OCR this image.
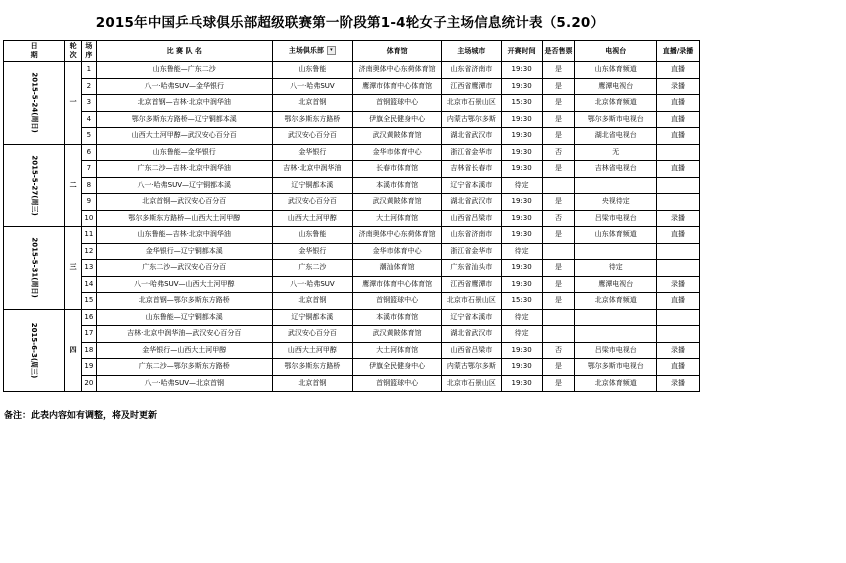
2015年中国乒乓球俱乐部超级联赛第一阶段第1-4轮女子主场信息统计表（5.20）
日期	轮次	场序	比 赛 队 名	主场俱乐部 ▾	体育馆	主场城市	开赛时间	是否售票	电视台	直播/录播
2015-5-24(周日)	一	1	山东鲁能—广东二沙	山东鲁能	济南奥体中心东荷体育馆	山东省济南市	19:30	是	山东体育频道	直播
		2	八一·哈弗SUV—金华银行	八一·哈弗SUV	鹰潭市体育中心体育馆	江西省鹰潭市	19:30	是	鹰潭电视台	录播
		3	北京首钢—吉林·北京中润华油	北京首钢	首钢篮球中心	北京市石景山区	15:30	是	北京体育频道	直播
		4	鄂尔多斯东方路桥—辽宁铜都本溪	鄂尔多斯东方路桥	伊旗全民健身中心	内蒙古鄂尔多斯	19:30	是	鄂尔多斯市电视台	直播
		5	山西大土河甲醇—武汉安心百分百	武汉安心百分百	武汉黄陂体育馆	湖北省武汉市	19:30	是	湖北省电视台	直播
2015-5-27(周三)	二	6	山东鲁能—金华银行	金华银行	金华市体育中心	浙江省金华市	19:30	否	无	
		7	广东二沙—吉林·北京中润华油	吉林·北京中润华油	长春市体育馆	吉林省长春市	19:30	是	吉林省电视台	直播
		8	八一·哈弗SUV—辽宁铜都本溪	辽宁铜都本溪	本溪市体育馆	辽宁省本溪市	待定			
		9	北京首钢—武汉安心百分百	武汉安心百分百	武汉黄陂体育馆	湖北省武汉市	19:30	是	央视待定	
		10	鄂尔多斯东方路桥—山西大土河甲醇	山西大土河甲醇	大土河体育馆	山西省吕梁市	19:30	否	吕梁市电视台	录播
2015-5-31(周日)	三	11	山东鲁能—吉林·北京中润华油	山东鲁能	济南奥体中心东荷体育馆	山东省济南市	19:30	是	山东体育频道	直播
		12	金华银行—辽宁铜都本溪	金华银行	金华市体育中心	浙江省金华市	待定			
		13	广东二沙—武汉安心百分百	广东二沙	潮汕体育馆	广东省汕头市	19:30	是	待定	
		14	八一·哈弗SUV—山西大土河甲醇	八一·哈弗SUV	鹰潭市体育中心体育馆	江西省鹰潭市	19:30	是	鹰潭电视台	录播
		15	北京首钢—鄂尔多斯东方路桥	北京首钢	首钢篮球中心	北京市石景山区	15:30	是	北京体育频道	直播
2015-6-3(周三)	四	16	山东鲁能—辽宁铜都本溪	辽宁铜都本溪	本溪市体育馆	辽宁省本溪市	待定			
		17	吉林·北京中润华油—武汉安心百分百	武汉安心百分百	武汉黄陂体育馆	湖北省武汉市	待定			
		18	金华银行—山西大土河甲醇	山西大土河甲醇	大土河体育馆	山西省吕梁市	19:30	否	吕梁市电视台	录播
		19	广东二沙—鄂尔多斯东方路桥	鄂尔多斯东方路桥	伊旗全民健身中心	内蒙古鄂尔多斯	19:30	是	鄂尔多斯市电视台	直播
		20	八一·哈弗SUV—北京首钢	北京首钢	首钢篮球中心	北京市石景山区	19:30	是	北京体育频道	录播
备注：此表内容如有调整，将及时更新
